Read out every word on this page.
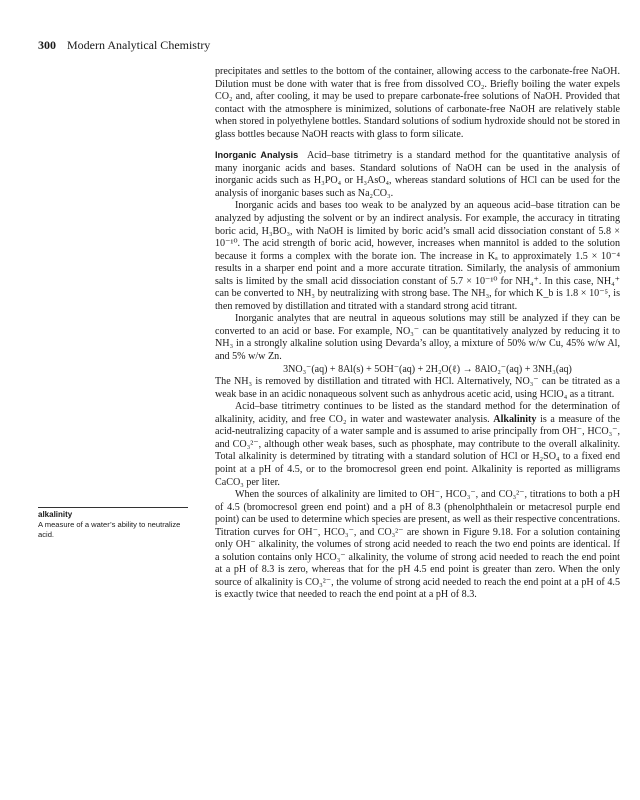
300 Modern Analytical Chemistry
alkalinity
A measure of a water’s ability to neutralize acid.

precipitates and settles to the bottom of the container, allowing access to the carbonate-free NaOH. Dilution must be done with water that is free from dissolved CO₂. Briefly boiling the water expels CO₂ and, after cooling, it may be used to prepare carbonate-free solutions of NaOH. Provided that contact with the atmosphere is minimized, solutions of carbonate-free NaOH are relatively stable when stored in polyethylene bottles. Standard solutions of sodium hydroxide should not be stored in glass bottles because NaOH reacts with glass to form silicate.

Inorganic Analysis Acid–base titrimetry is a standard method for the quantitative analysis of many inorganic acids and bases. Standard solutions of NaOH can be used in the analysis of inorganic acids such as H₃PO₄ or H₃AsO₄, whereas standard solutions of HCl can be used for the analysis of inorganic bases such as Na₂CO₃.

Inorganic acids and bases too weak to be analyzed by an aqueous acid–base titration can be analyzed by adjusting the solvent or by an indirect analysis. For example, the accuracy in titrating boric acid, H₃BO₃, with NaOH is limited by boric acid’s small acid dissociation constant of 5.8 × 10⁻¹⁰. The acid strength of boric acid, however, increases when mannitol is added to the solution because it forms a complex with the borate ion. The increase in Kₐ to approximately 1.5 × 10⁻⁴ results in a sharper end point and a more accurate titration. Similarly, the analysis of ammonium salts is limited by the small acid dissociation constant of 5.7 × 10⁻¹⁰ for NH₄⁺. In this case, NH₄⁺ can be converted to NH₃ by neutralizing with strong base. The NH₃, for which K_b is 1.8 × 10⁻⁵, is then removed by distillation and titrated with a standard strong acid titrant.

Inorganic analytes that are neutral in aqueous solutions may still be analyzed if they can be converted to an acid or base. For example, NO₃⁻ can be quantitatively analyzed by reducing it to NH₃ in a strongly alkaline solution using Devarda’s alloy, a mixture of 50% w/w Cu, 45% w/w Al, and 5% w/w Zn.

3NO₃⁻(aq) + 8Al(s) + 5OH⁻(aq) + 2H₂O(ℓ) → 8AlO₂⁻(aq) + 3NH₃(aq)

The NH₃ is removed by distillation and titrated with HCl. Alternatively, NO₃⁻ can be titrated as a weak base in an acidic nonaqueous solvent such as anhydrous acetic acid, using HClO₄ as a titrant.

Acid–base titrimetry continues to be listed as the standard method for the determination of alkalinity, acidity, and free CO₂ in water and wastewater analysis. Alkalinity is a measure of the acid-neutralizing capacity of a water sample and is assumed to arise principally from OH⁻, HCO₃⁻, and CO₃²⁻, although other weak bases, such as phosphate, may contribute to the overall alkalinity. Total alkalinity is determined by titrating with a standard solution of HCl or H₂SO₄ to a fixed end point at a pH of 4.5, or to the bromocresol green end point. Alkalinity is reported as milligrams CaCO₃ per liter.

When the sources of alkalinity are limited to OH⁻, HCO₃⁻, and CO₃²⁻, titrations to both a pH of 4.5 (bromocresol green end point) and a pH of 8.3 (phenolphthalein or metacresol purple end point) can be used to determine which species are present, as well as their respective concentrations. Titration curves for OH⁻, HCO₃⁻, and CO₃²⁻ are shown in Figure 9.18. For a solution containing only OH⁻ alkalinity, the volumes of strong acid needed to reach the two end points are identical. If a solution contains only HCO₃⁻ alkalinity, the volume of strong acid needed to reach the end point at a pH of 8.3 is zero, whereas that for the pH 4.5 end point is greater than zero. When the only source of alkalinity is CO₃²⁻, the volume of strong acid needed to reach the end point at a pH of 4.5 is exactly twice that needed to reach the end point at a pH of 8.3.
